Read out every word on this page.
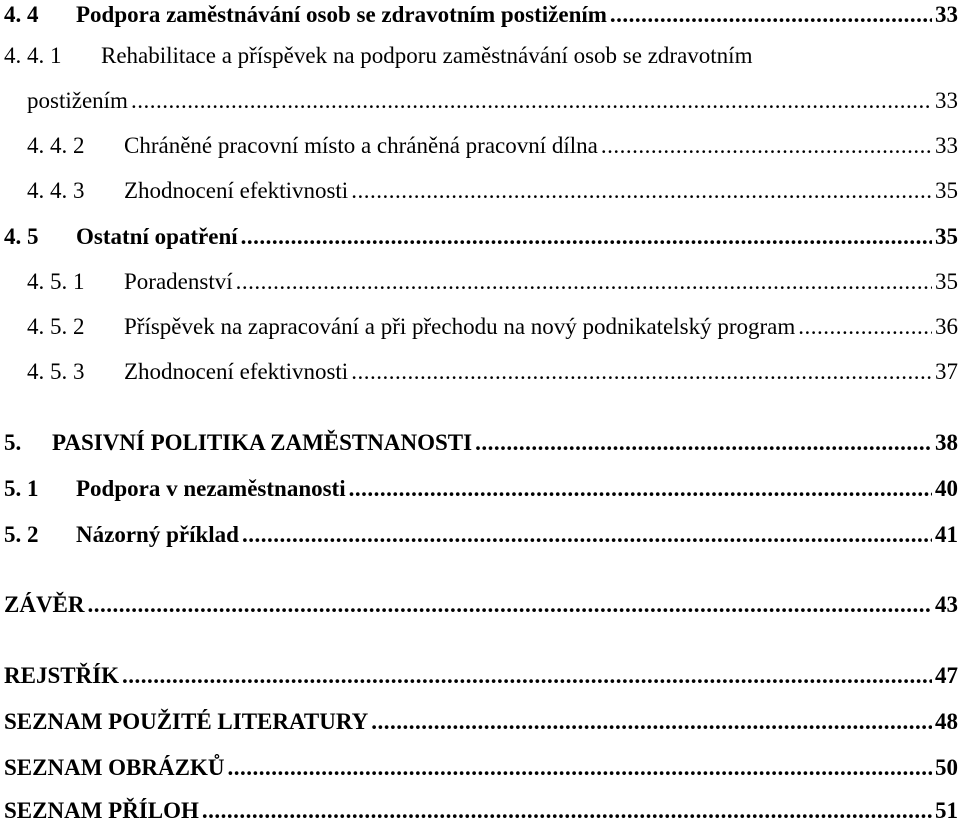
4. 4	Podpora zaměstnávání osob se zdravotním postižením .....	33
4. 4. 1	Rehabilitace a příspěvek na podporu zaměstnávání osob se zdravotním
postižením .....	33
4. 4. 2	Chráněné pracovní místo a chráněná pracovní dílna .....	33
4. 4. 3	Zhodnocení efektivnosti .....	35
4. 5	Ostatní opatření .....	35
4. 5. 1	Poradenství .....	35
4. 5. 2	Příspěvek na zapracování a při přechodu na nový podnikatelský program .....	36
4. 5. 3	Zhodnocení efektivnosti .....	37
5.	PASIVNÍ POLITIKA ZAMĚSTNANOSTI .....	38
5. 1	Podpora v nezaměstnanosti .....	40
5. 2	Názorný příklad .....	41
ZÁVĚR .....	43
REJSTŘÍK .....	47
SEZNAM POUŽITÉ LITERATURY .....	48
SEZNAM OBRÁZKŮ .....	50
SEZNAM PŘÍLOH .....	51
